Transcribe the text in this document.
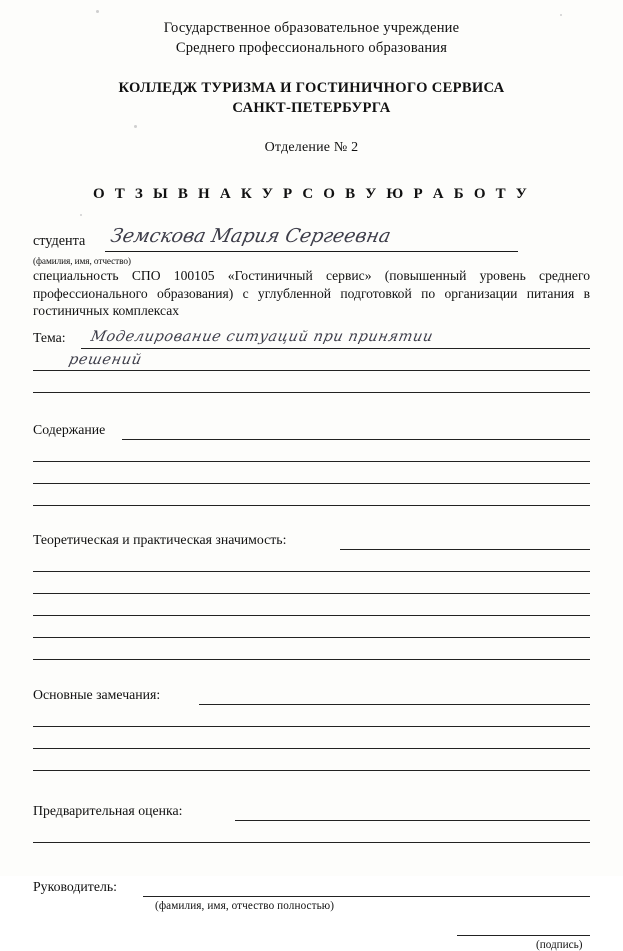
Государственное образовательное учреждение
Среднего профессионального образования
КОЛЛЕДЖ ТУРИЗМА И ГОСТИНИЧНОГО СЕРВИСА
САНКТ-ПЕТЕРБУРГА
Отделение № 2
О Т З Ы В Н А К У Р С О В У Ю Р А Б О Т У
студента Земскова Мария Сергеевна
(фамилия, имя, отчество)
специальность СПО 100105 «Гостиничный сервис» (повышенный уровень среднего профессионального образования) с углубленной подготовкой по организации питания в гостиничных комплексах
Тема: Моделирование ситуаций при принятии
решений
Содержание
Теоретическая и практическая значимость:
Основные замечания:
Предварительная оценка:
Руководитель:
(фамилия, имя, отчество полностью)
(подпись)
